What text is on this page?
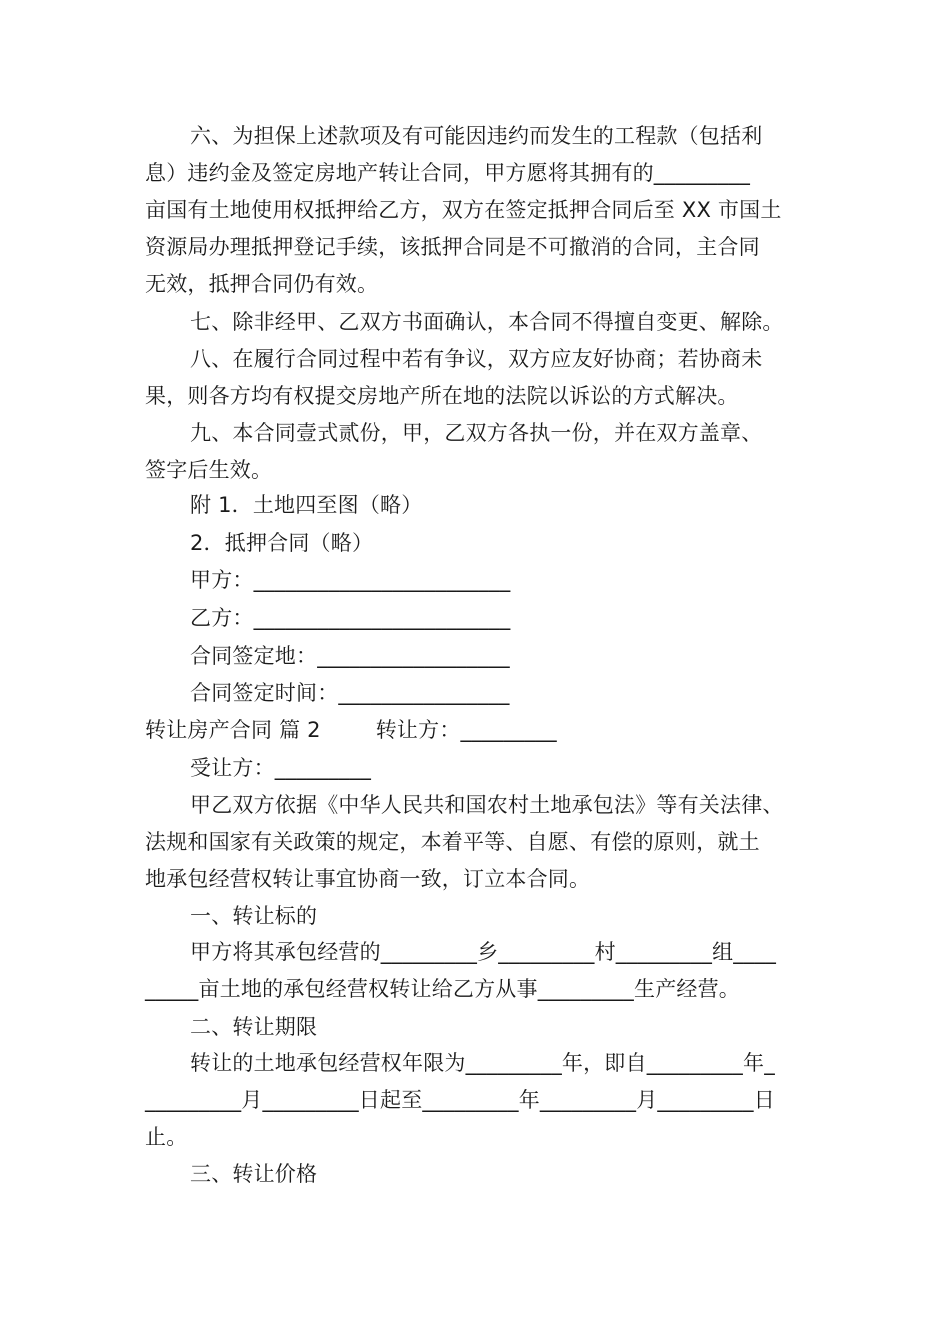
六、为担保上述款项及有可能因违约而发生的工程款（包括利
息）违约金及签定房地产转让合同，甲方愿将其拥有的_________
亩国有土地使用权抵押给乙方，双方在签定抵押合同后至 XX 市国土
资源局办理抵押登记手续，该抵押合同是不可撤消的合同，主合同
无效，抵押合同仍有效。
七、除非经甲、乙双方书面确认，本合同不得擅自变更、解除。
八、在履行合同过程中若有争议，双方应友好协商；若协商未
果，则各方均有权提交房地产所在地的法院以诉讼的方式解决。
九、本合同壹式贰份，甲，乙双方各执一份，并在双方盖章、
签字后生效。
附 1．土地四至图（略）
2．抵押合同（略）
甲方：________________________
乙方：________________________
合同签定地：__________________
合同签定时间：________________
转让房产合同 篇 2        转让方：_________
受让方：_________
甲乙双方依据《中华人民共和国农村土地承包法》等有关法律、
法规和国家有关政策的规定，本着平等、自愿、有偿的原则，就土
地承包经营权转让事宜协商一致，订立本合同。
一、转让标的
甲方将其承包经营的_________乡_________村_________组____
_____亩土地的承包经营权转让给乙方从事_________生产经营。
二、转让期限
转让的土地承包经营权年限为_________年，即自_________年_
_________月_________日起至_________年_________月_________日
止。
三、转让价格
